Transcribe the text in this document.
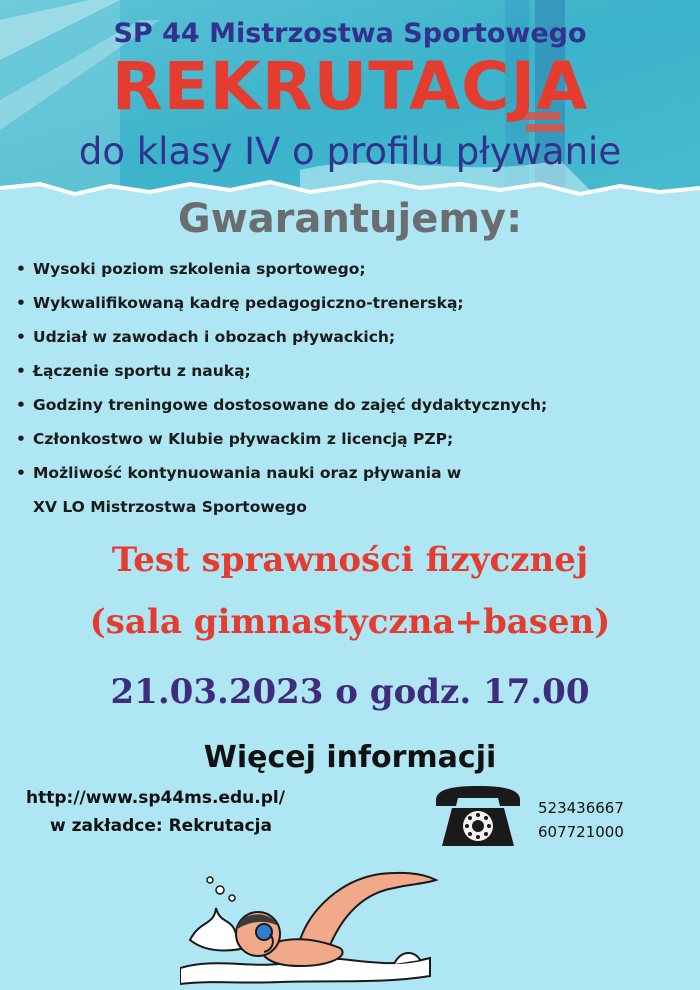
SP 44 Mistrzostwa Sportowego
REKRUTACJA
do klasy IV o profilu pływanie
Gwarantujemy:
• Wysoki poziom szkolenia sportowego;
• Wykwalifikowaną kadrę pedagogiczno-trenerską;
• Udział w zawodach i obozach pływackich;
• Łączenie sportu z nauką;
• Godziny treningowe dostosowane do zajęć dydaktycznych;
• Członkostwo w Klubie pływackim z licencją PZP;
• Możliwość kontynuowania nauki oraz pływania w
XV LO Mistrzostwa Sportowego
Test sprawności fizycznej
(sala gimnastyczna+basen)
21.03.2023 o godz. 17.00
Więcej informacji
http://www.sp44ms.edu.pl/
w zakładce: Rekrutacja
523436667
607721000
